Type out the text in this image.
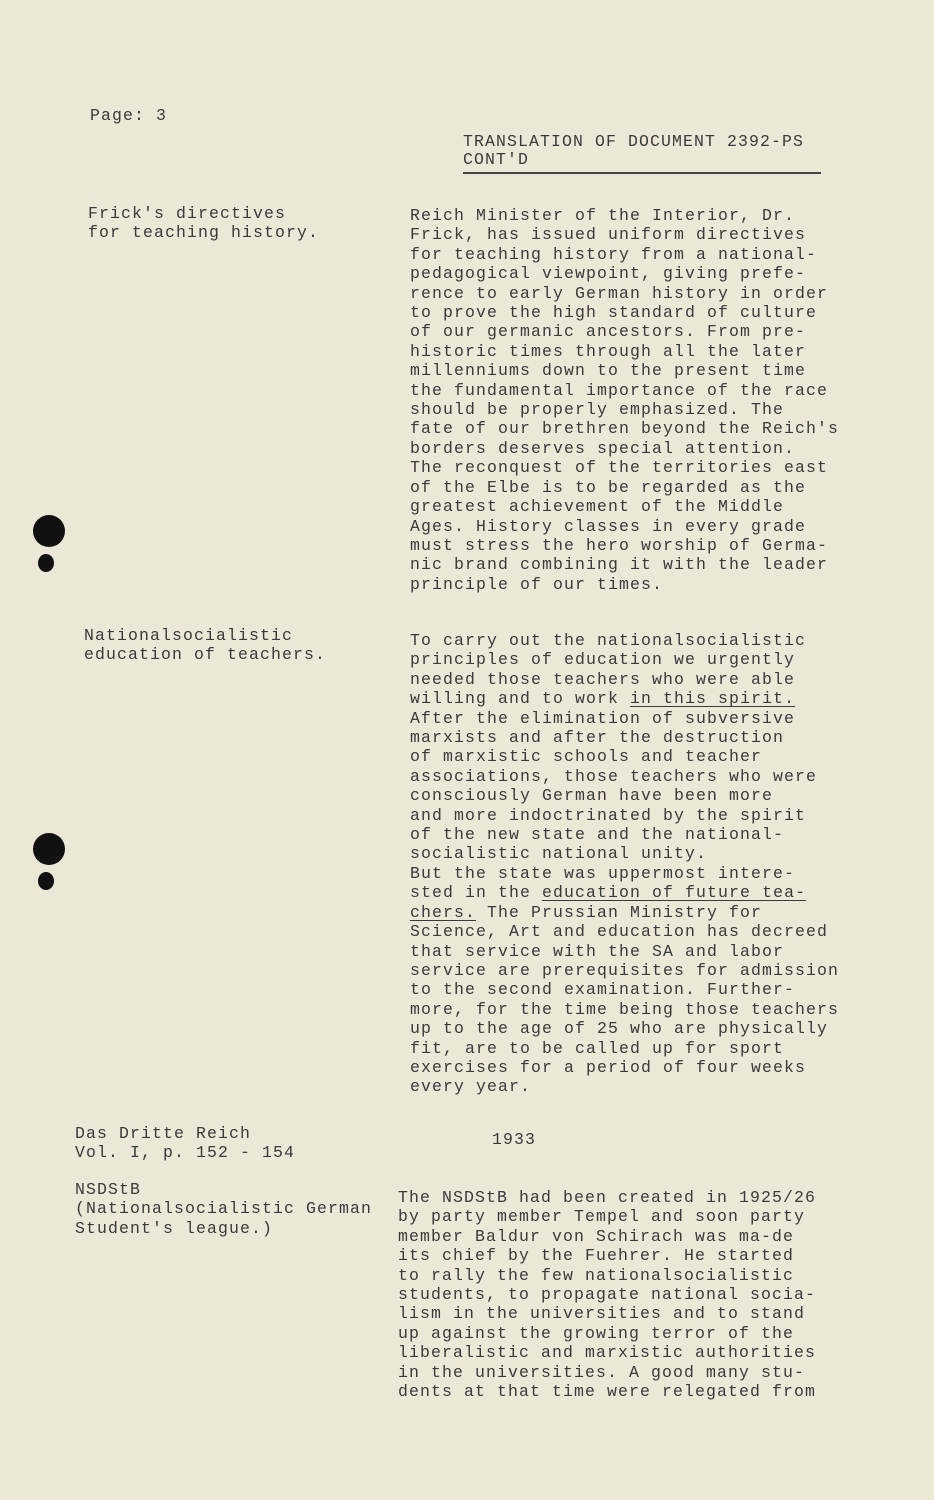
Page: 3
TRANSLATION OF DOCUMENT 2392-PS
CONT'D
Frick's directives
for teaching history.
Reich Minister of the Interior, Dr.
Frick, has issued uniform directives
for teaching history from a national-
pedagogical viewpoint, giving prefe-
rence to early German history in order
to prove the high standard of culture
of our germanic ancestors. From pre-
historic times through all the later
millenniums down to the present time
the fundamental importance of the race
should be properly emphasized. The
fate of our brethren beyond the Reich's
borders deserves special attention.
The reconquest of the territories east
of the Elbe is to be regarded as the
greatest achievement of the Middle
Ages. History classes in every grade
must stress the hero worship of Germa-
nic brand combining it with the leader
principle of our times.
Nationalsocialistic
education of teachers.
To carry out the nationalsocialistic
principles of education we urgently
needed those teachers who were able
willing and to work in this spirit.
After the elimination of subversive
marxists and after the destruction
of marxistic schools and teacher
associations, those teachers who were
consciously German have been more
and more indoctrinated by the spirit
of the new state and the national-
socialistic national unity.
But the state was uppermost intere-
sted in the education of future tea-
chers. The Prussian Ministry for
Science, Art and education has decreed
that service with the SA and labor
service are prerequisites for admission
to the second examination. Further-
more, for the time being those teachers
up to the age of 25 who are physically
fit, are to be called up for sport
exercises for a period of four weeks
every year.
Das Dritte Reich
Vol. I, p. 152 - 154
1933
NSDStB
(Nationalsocialistic German
Student's league.)
The NSDStB had been created in 1925/26
by party member Tempel and soon party
member Baldur von Schirach was ma-de
its chief by the Fuehrer. He started
to rally the few nationalsocialistic
students, to propagate national socia-
lism in the universities and to stand
up against the growing terror of the
liberalistic and marxistic authorities
in the universities. A good many stu-
dents at that time were relegated from
